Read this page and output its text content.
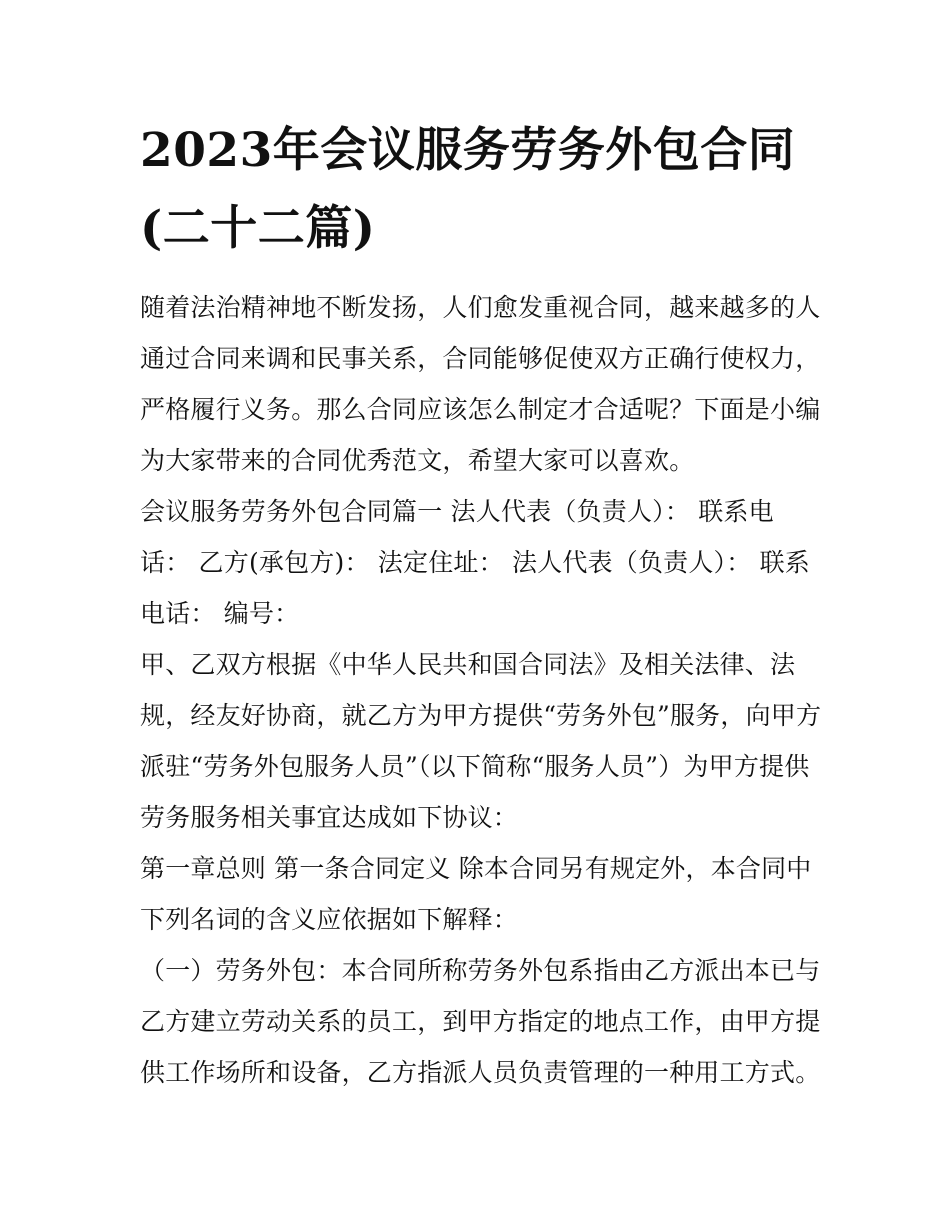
2023年会议服务劳务外包合同
(二十二篇)

随着法治精神地不断发扬，人们愈发重视合同，越来越多的人
通过合同来调和民事关系，合同能够促使双方正确行使权力，
严格履行义务。那么合同应该怎么制定才合适呢？下面是小编
为大家带来的合同优秀范文，希望大家可以喜欢。

会议服务劳务外包合同篇一 法人代表（负责人）： 联系电
话： 乙方(承包方)： 法定住址： 法人代表（负责人）： 联系
电话： 编号：

甲、乙双方根据《中华人民共和国合同法》及相关法律、法
规，经友好协商，就乙方为甲方提供“劳务外包”服务，向甲方
派驻“劳务外包服务人员”（以下简称“服务人员”）为甲方提供
劳务服务相关事宜达成如下协议：

第一章总则 第一条合同定义 除本合同另有规定外，本合同中
下列名词的含义应依据如下解释：

（一）劳务外包：本合同所称劳务外包系指由乙方派出本已与
乙方建立劳动关系的员工，到甲方指定的地点工作，由甲方提
供工作场所和设备，乙方指派人员负责管理的一种用工方式。
